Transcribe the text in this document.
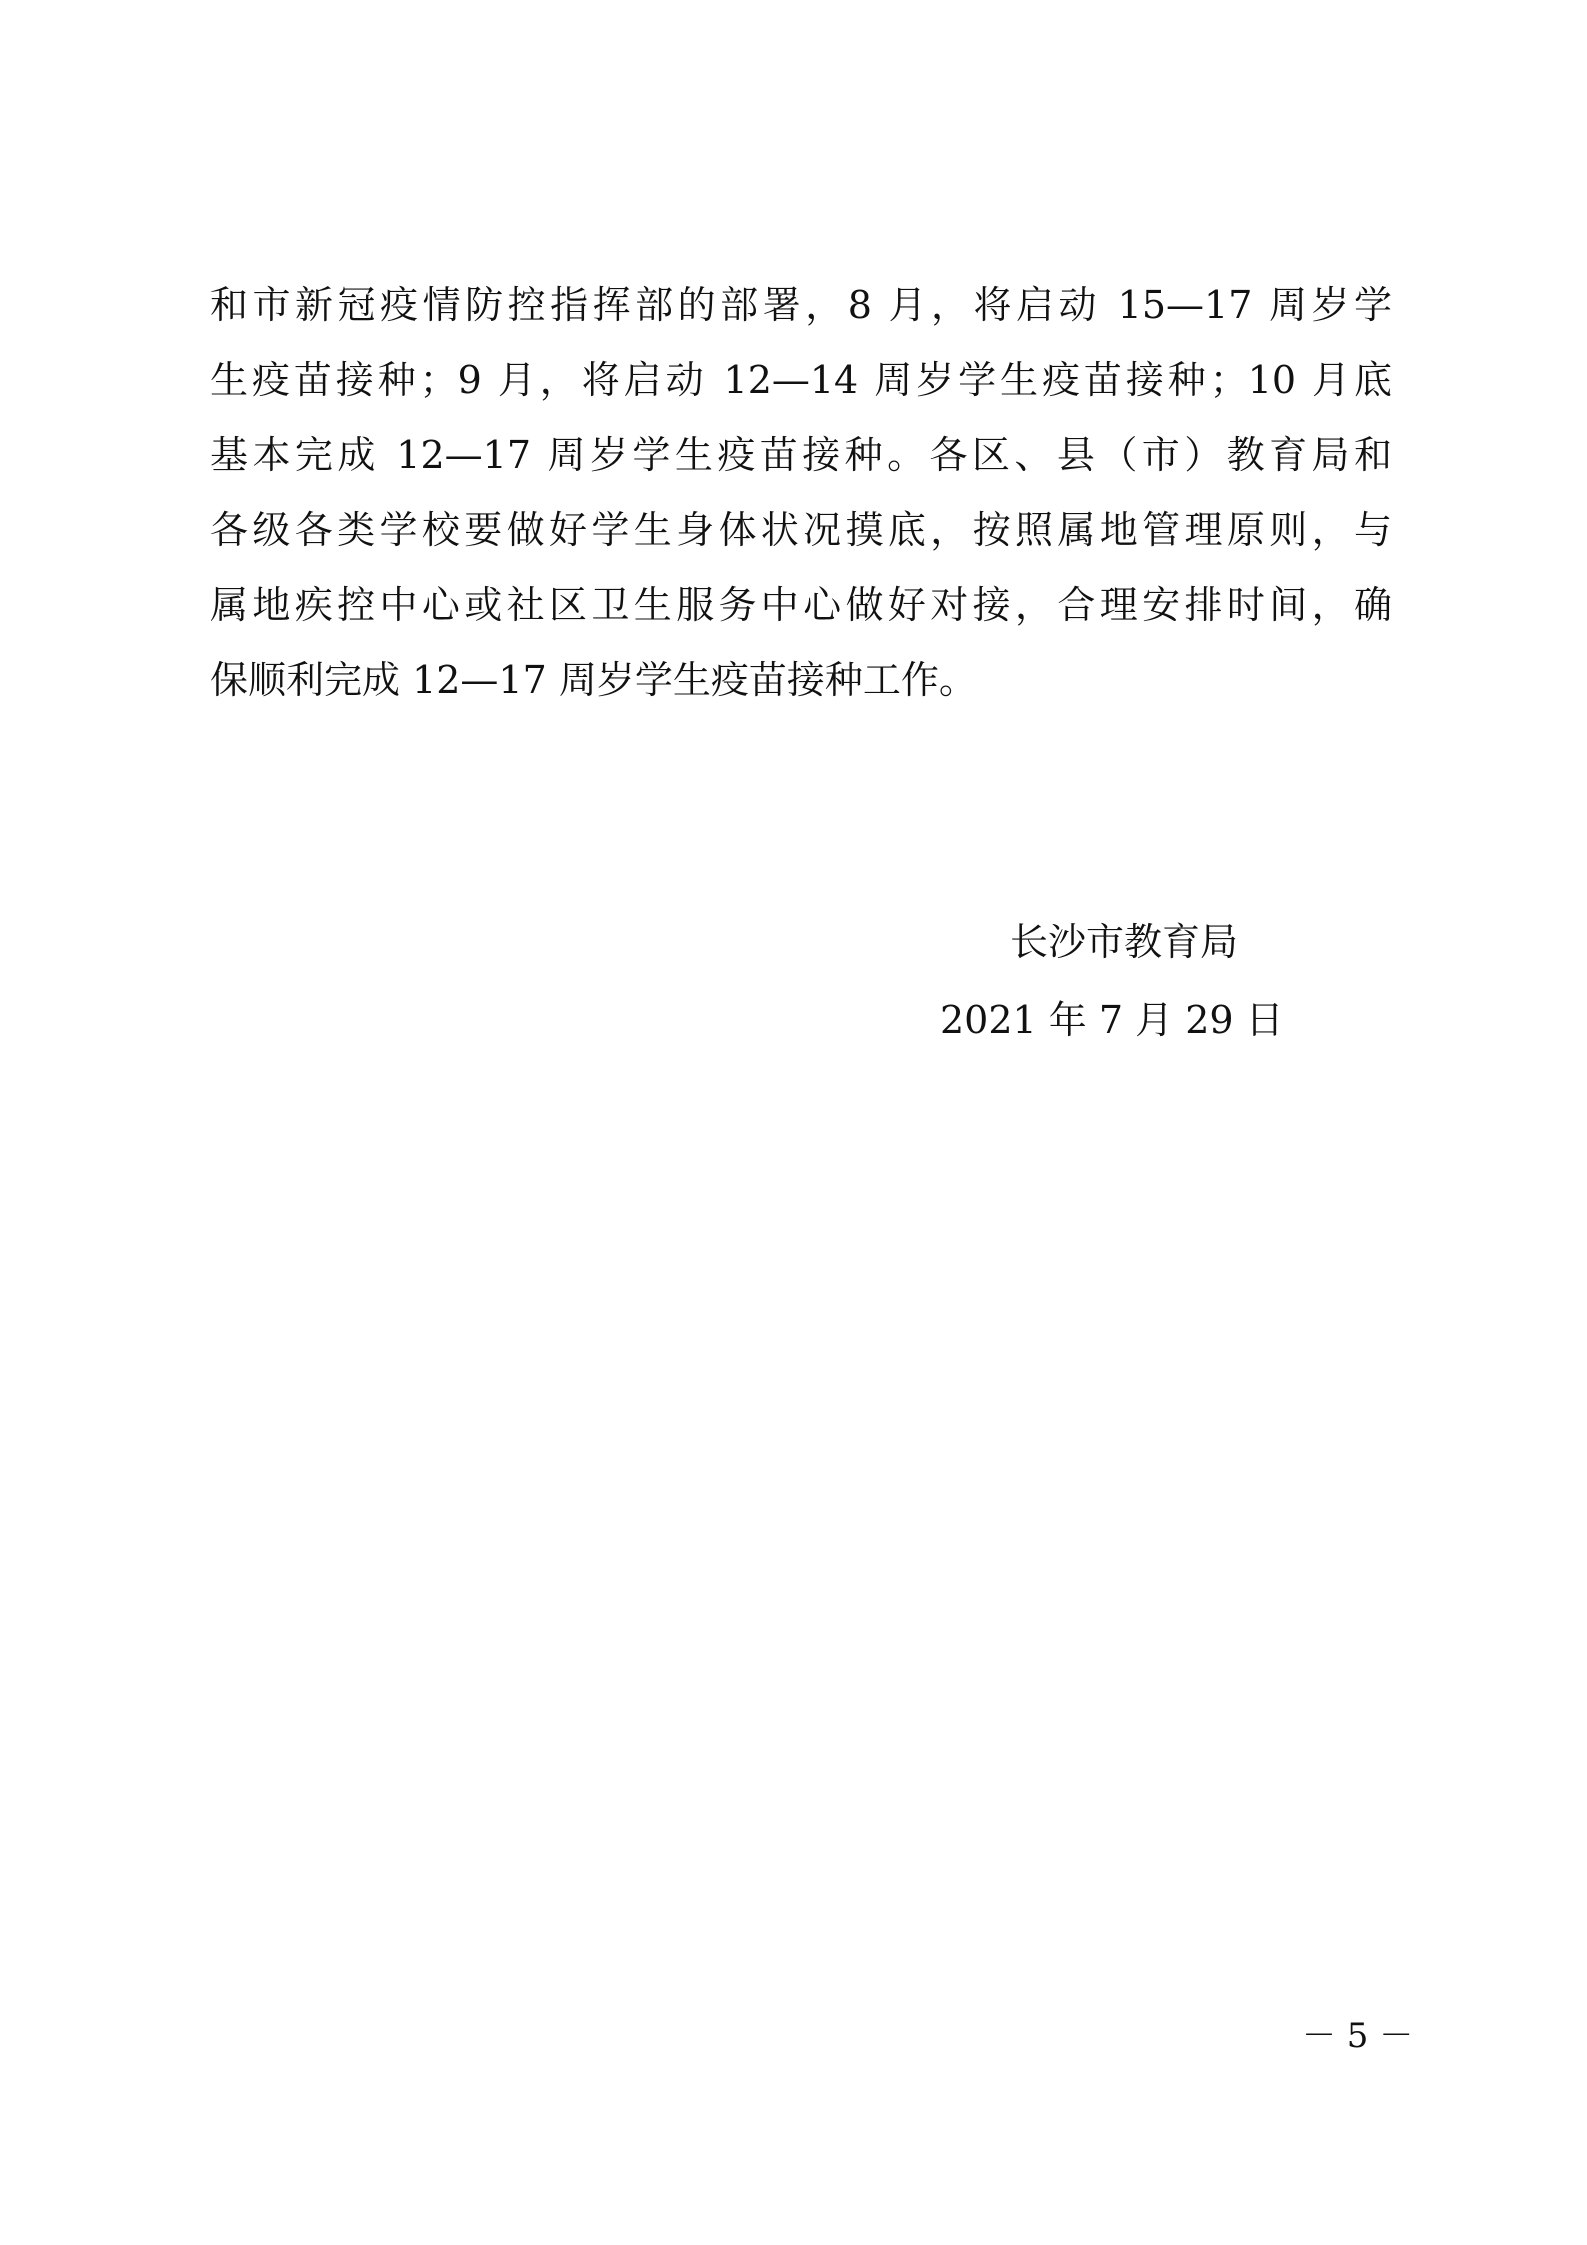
和市新冠疫情防控指挥部的部署，8 月，将启动 15—17 周岁学
生疫苗接种；9 月，将启动 12—14 周岁学生疫苗接种；10 月底
基本完成 12—17 周岁学生疫苗接种。各区、县（市）教育局和
各级各类学校要做好学生身体状况摸底，按照属地管理原则，与
属地疾控中心或社区卫生服务中心做好对接，合理安排时间，确
保顺利完成 12—17 周岁学生疫苗接种工作。
长沙市教育局
2021 年 7 月 29 日
－ 5 －
